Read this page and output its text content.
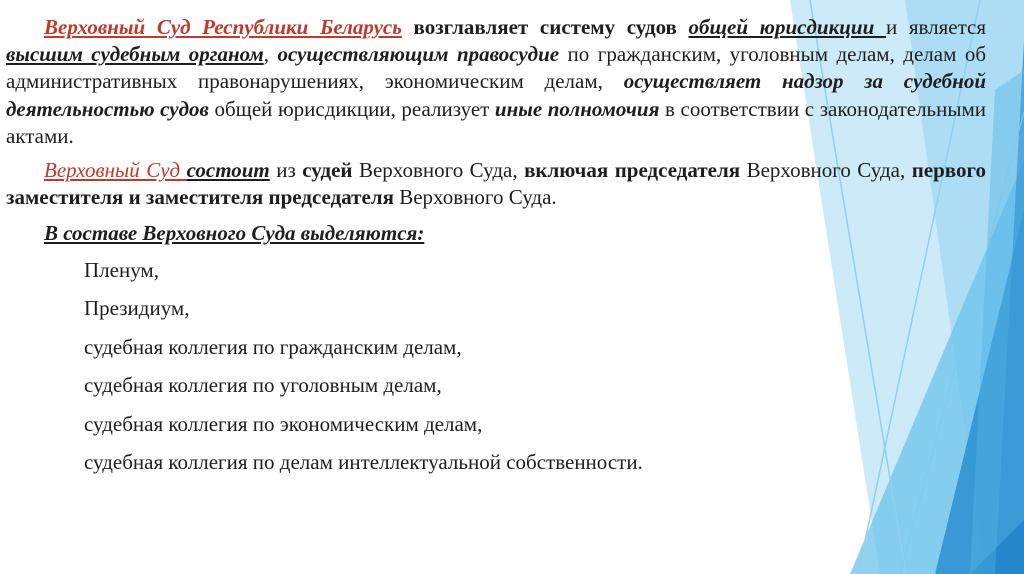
Верховный Суд Республики Беларусь возглавляет систему судов общей юрисдикции и является высшим судебным органом, осуществляющим правосудие по гражданским, уголовным делам, делам об административных правонарушениях, экономическим делам, осуществляет надзор за судебной деятельностью судов общей юрисдикции, реализует иные полномочия в соответствии с законодательными актами.

Верховный Суд состоит из судей Верховного Суда, включая председателя Верховного Суда, первого заместителя и заместителя председателя Верховного Суда.

В составе Верховного Суда выделяются:
Пленум,
Президиум,
судебная коллегия по гражданским делам,
судебная коллегия по уголовным делам,
судебная коллегия по экономическим делам,
судебная коллегия по делам интеллектуальной собственности.
